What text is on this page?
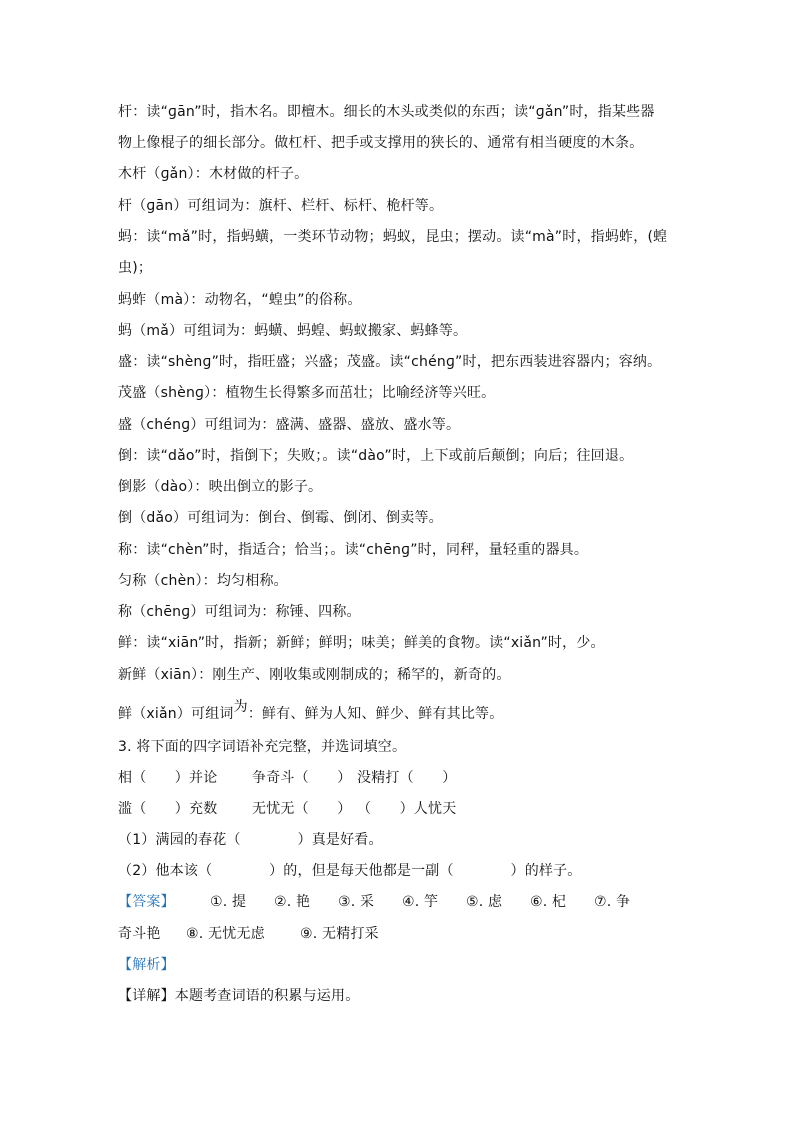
杆：读“ɡān”时，指木名。即檀木。细长的木头或类似的东西；读“ɡǎn”时，指某些器
物上像棍子的细长部分。做杠杆、把手或支撑用的狭长的、通常有相当硬度的木条。
木杆（ɡǎn）：木材做的杆子。
杆（ɡān）可组词为：旗杆、栏杆、标杆、桅杆等。
蚂：读“mǎ”时，指蚂蟥，一类环节动物；蚂蚁，昆虫；摆动。读“mà”时，指蚂蚱，(蝗
虫)；
蚂蚱（mà）：动物名，“蝗虫”的俗称。
蚂（mǎ）可组词为：蚂蟥、蚂蝗、蚂蚁搬家、蚂蜂等。
盛：读“shènɡ”时，指旺盛；兴盛；茂盛。读“chénɡ”时，把东西装进容器内；容纳。
茂盛（shènɡ）：植物生长得繁多而茁壮；比喻经济等兴旺。
盛（chénɡ）可组词为：盛满、盛器、盛放、盛水等。
倒：读“dǎo”时，指倒下；失败；。读“dào”时，上下或前后颠倒；向后；往回退。
倒影（dào）：映出倒立的影子。
倒（dǎo）可组词为：倒台、倒霉、倒闭、倒卖等。
称：读“chèn”时，指适合；恰当；。读“chēnɡ”时，同秤，量轻重的器具。
匀称（chèn）：均匀相称。
称（chēnɡ）可组词为：称锤、四称。
鲜：读“xiān”时，指新；新鲜；鲜明；味美；鲜美的食物。读“xiǎn”时，少。
新鲜（xiān）：刚生产、刚收集或刚制成的；稀罕的，新奇的。
鲜（xiǎn）可组词为：鲜有、鲜为人知、鲜少、鲜有其比等。
3. 将下面的四字词语补充完整，并选词填空。
相（　　）并论 争奇斗（　　） 没精打（　　）
滥（　　）充数 无忧无（　　） （　　）人忧天
（1）满园的春花（　　　　）真是好看。
（2）他本该（　　　　）的，但是每天他都是一副（　　　　）的样子。
【答案】	①. 提 ②. 艳 ③. 采 ④. 竽 ⑤. 虑 ⑥. 杞 ⑦. 争
奇斗艳 ⑧. 无忧无虑	⑨. 无精打采
【解析】
【详解】本题考查词语的积累与运用。
